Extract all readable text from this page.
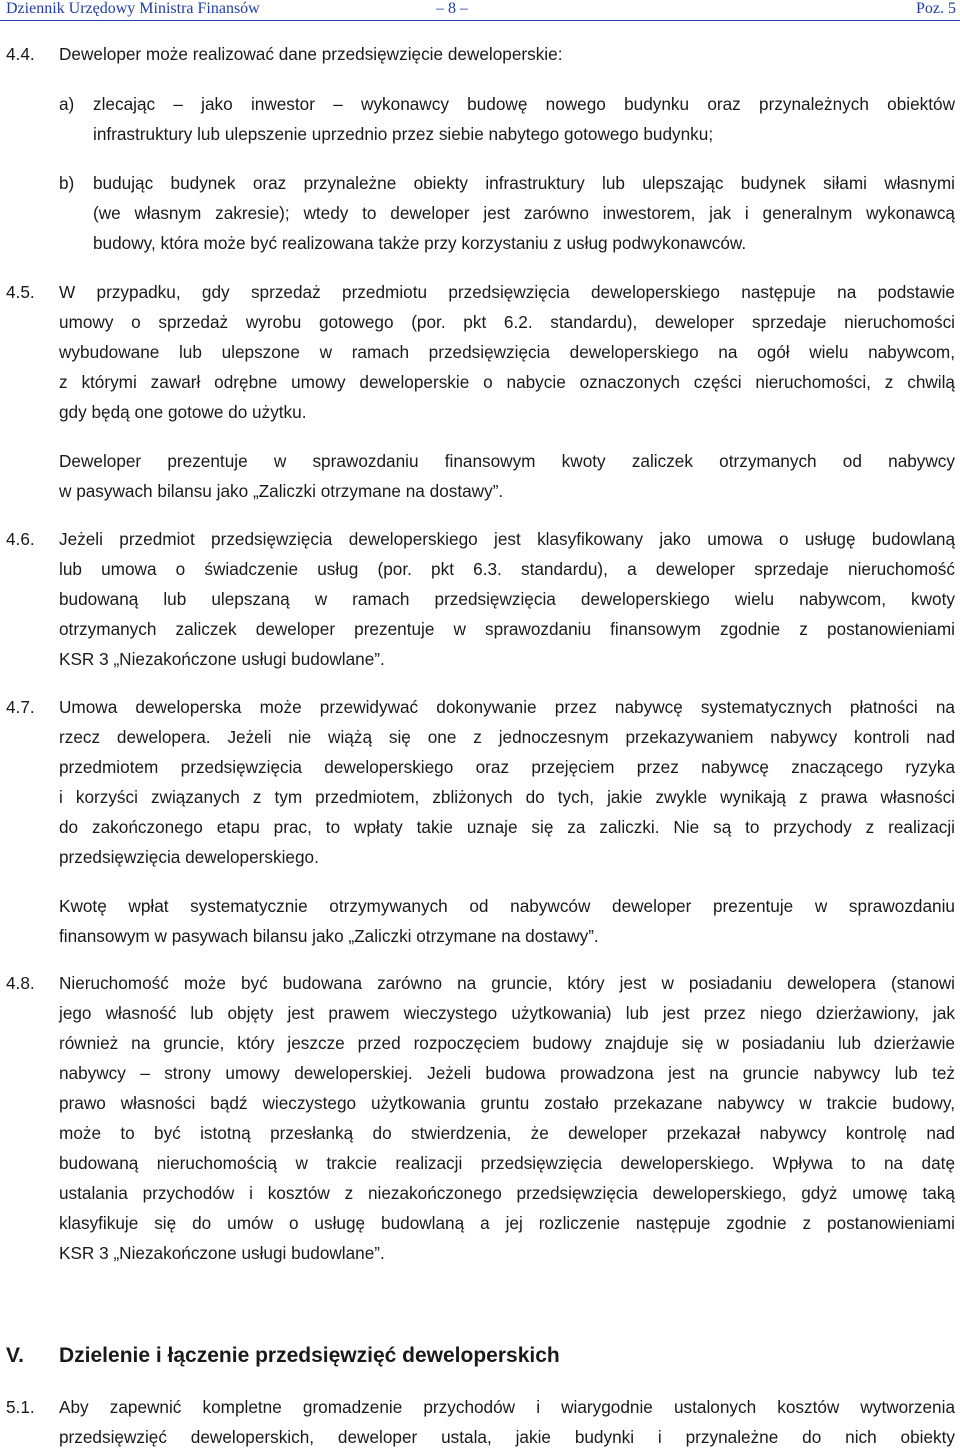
Dziennik Urzędowy Ministra Finansów	– 8 –	Poz. 5
4.4. Deweloper może realizować dane przedsięwzięcie deweloperskie:
a) zlecając – jako inwestor – wykonawcy budowę nowego budynku oraz przynależnych obiektów
infrastruktury lub ulepszenie uprzednio przez siebie nabytego gotowego budynku;
b) budując budynek oraz przynależne obiekty infrastruktury lub ulepszając budynek siłami własnymi
(we własnym zakresie); wtedy to deweloper jest zarówno inwestorem, jak i generalnym wykonawcą
budowy, która może być realizowana także przy korzystaniu z usług podwykonawców.
4.5. W przypadku, gdy sprzedaż przedmiotu przedsięwzięcia deweloperskiego następuje na podstawie
umowy o sprzedaż wyrobu gotowego (por. pkt 6.2. standardu), deweloper sprzedaje nieruchomości
wybudowane lub ulepszone w ramach przedsięwzięcia deweloperskiego na ogół wielu nabywcom,
z którymi zawarł odrębne umowy deweloperskie o nabycie oznaczonych części nieruchomości, z chwilą
gdy będą one gotowe do użytku.
Deweloper prezentuje w sprawozdaniu finansowym kwoty zaliczek otrzymanych od nabywcy
w pasywach bilansu jako „Zaliczki otrzymane na dostawy”.
4.6. Jeżeli przedmiot przedsięwzięcia deweloperskiego jest klasyfikowany jako umowa o usługę budowlaną
lub umowa o świadczenie usług (por. pkt 6.3. standardu), a deweloper sprzedaje nieruchomość
budowaną lub ulepszaną w ramach przedsięwzięcia deweloperskiego wielu nabywcom, kwoty
otrzymanych zaliczek deweloper prezentuje w sprawozdaniu finansowym zgodnie z postanowieniami
KSR 3 „Niezakończone usługi budowlane”.
4.7. Umowa deweloperska może przewidywać dokonywanie przez nabywcę systematycznych płatności na
rzecz dewelopera. Jeżeli nie wiążą się one z jednoczesnym przekazywaniem nabywcy kontroli nad
przedmiotem przedsięwzięcia deweloperskiego oraz przejęciem przez nabywcę znaczącego ryzyka
i korzyści związanych z tym przedmiotem, zbliżonych do tych, jakie zwykle wynikają z prawa własności
do zakończonego etapu prac, to wpłaty takie uznaje się za zaliczki. Nie są to przychody z realizacji
przedsięwzięcia deweloperskiego.
Kwotę wpłat systematycznie otrzymywanych od nabywców deweloper prezentuje w sprawozdaniu
finansowym w pasywach bilansu jako „Zaliczki otrzymane na dostawy”.
4.8. Nieruchomość może być budowana zarówno na gruncie, który jest w posiadaniu dewelopera (stanowi
jego własność lub objęty jest prawem wieczystego użytkowania) lub jest przez niego dzierżawiony, jak
również na gruncie, który jeszcze przed rozpoczęciem budowy znajduje się w posiadaniu lub dzierżawie
nabywcy – strony umowy deweloperskiej. Jeżeli budowa prowadzona jest na gruncie nabywcy lub też
prawo własności bądź wieczystego użytkowania gruntu zostało przekazane nabywcy w trakcie budowy,
może to być istotną przesłanką do stwierdzenia, że deweloper przekazał nabywcy kontrolę nad
budowaną nieruchomością w trakcie realizacji przedsięwzięcia deweloperskiego. Wpływa to na datę
ustalania przychodów i kosztów z niezakończonego przedsięwzięcia deweloperskiego, gdyż umowę taką
klasyfikuje się do umów o usługę budowlaną a jej rozliczenie następuje zgodnie z postanowieniami
KSR 3 „Niezakończone usługi budowlane”.
V. Dzielenie i łączenie przedsięwzięć deweloperskich
5.1. Aby zapewnić kompletne gromadzenie przychodów i wiarygodnie ustalonych kosztów wytworzenia
przedsięwzięć deweloperskich, deweloper ustala, jakie budynki i przynależne do nich obiekty
